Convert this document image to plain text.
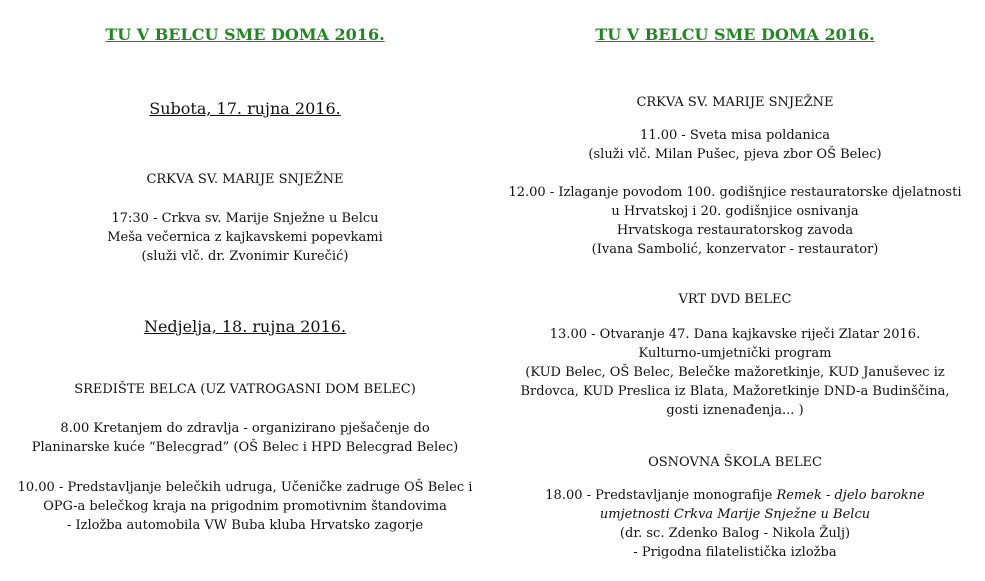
TU V BELCU SME DOMA 2016.
Subota, 17. rujna 2016.
CRKVA SV. MARIJE SNJEŽNE
17:30 - Crkva sv. Marije Snježne u Belcu
Meša večernica z kajkavskemi popevkami
(služi vlč. dr. Zvonimir Kurečić)
Nedjelja, 18. rujna 2016.
SREDIŠTE BELCA (UZ VATROGASNI DOM BELEC)
8.00 Kretanjem do zdravlja - organizirano pješačenje do
Planinarske kuće “Belecgrad” (OŠ Belec i HPD Belecgrad Belec)
10.00 - Predstavljanje belečkih udruga, Učeničke zadruge OŠ Belec i
OPG-a belečkog kraja na prigodnim promotivnim štandovima
- Izložba automobila VW Buba kluba Hrvatsko zagorje
TU V BELCU SME DOMA 2016.
CRKVA SV. MARIJE SNJEŽNE
11.00 - Sveta misa poldanica
(služi vlč. Milan Pušec, pjeva zbor OŠ Belec)
12.00 - Izlaganje povodom 100. godišnjice restauratorske djelatnosti
u Hrvatskoj i 20. godišnjice osnivanja
Hrvatskoga restauratorskog zavoda
(Ivana Sambolić, konzervator - restaurator)
VRT DVD BELEC
13.00 - Otvaranje 47. Dana kajkavske riječi Zlatar 2016.
Kulturno-umjetnički program
(KUD Belec, OŠ Belec, Belečke mažoretkinje, KUD Januševec iz
Brdovca, KUD Preslica iz Blata, Mažoretkinje DND-a Budinščina,
gosti iznenađenja... )
OSNOVNA ŠKOLA BELEC
18.00 - Predstavljanje monografije Remek - djelo barokne
umjetnosti Crkva Marije Snježne u Belcu
(dr. sc. Zdenko Balog - Nikola Žulj)
- Prigodna filatelistička izložba
